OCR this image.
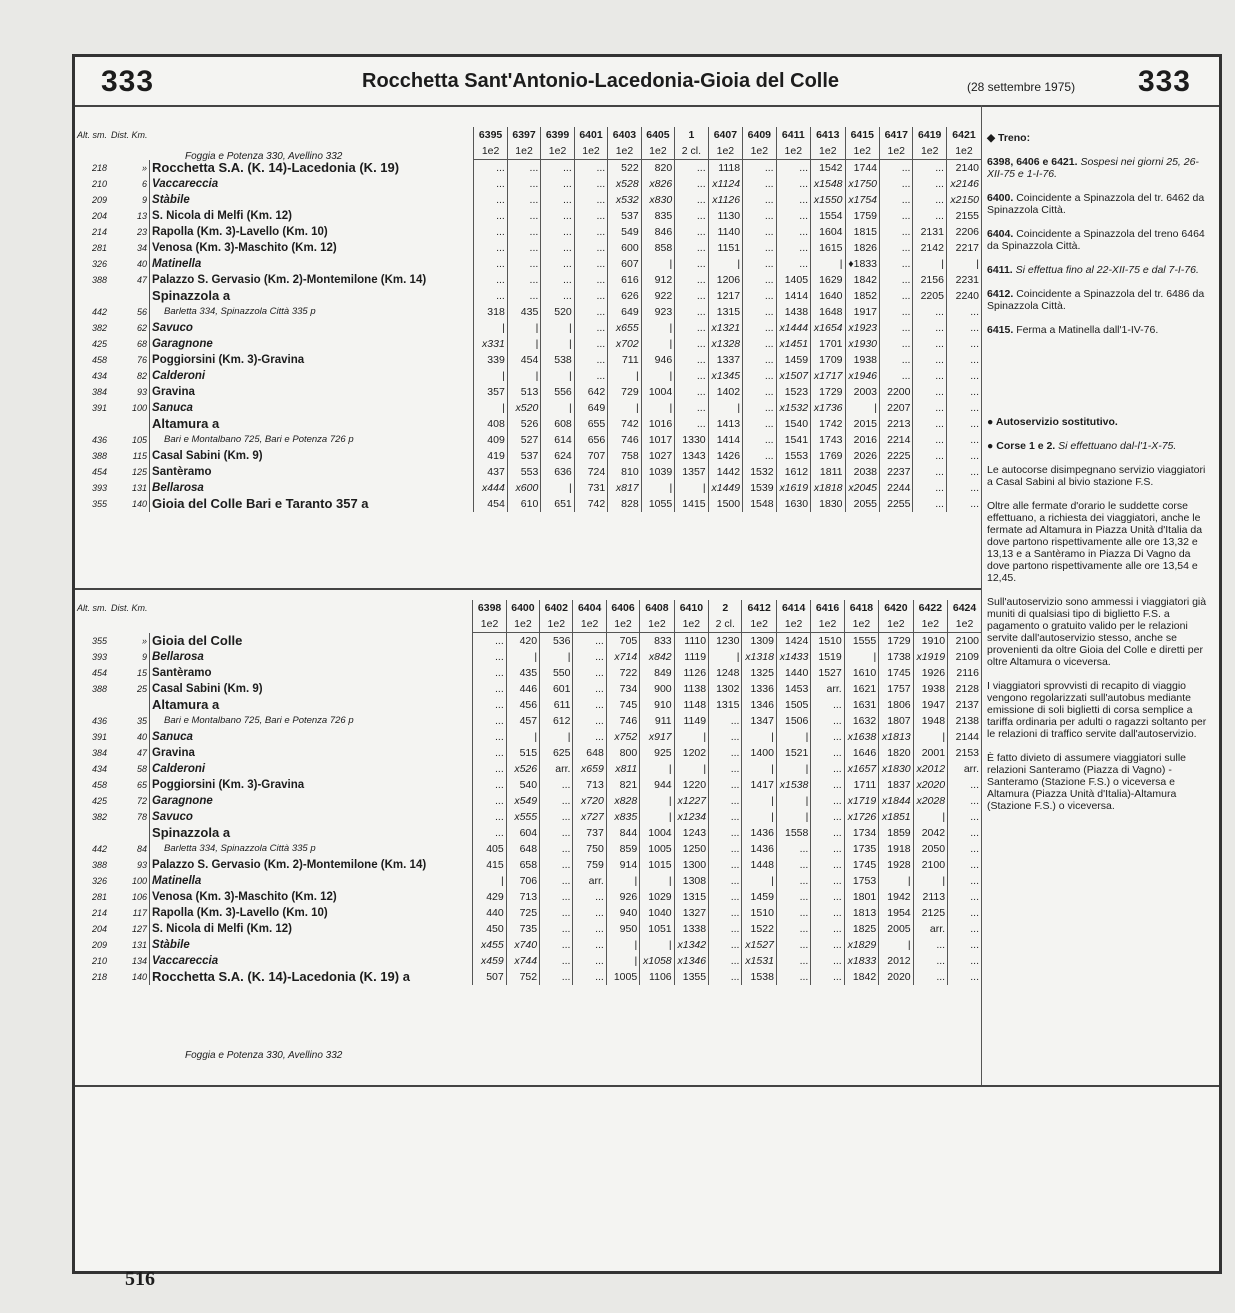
333	Rocchetta Sant'Antonio-Lacedonia-Gioia del Colle	(28 settembre 1975) 333
Foggia e Potenza 330, Avellino 332
Alt. sm.	Dist. Km.		6395	6397	6399	6401	6403	6405	1	6407	6409	6411	6413	6415	6417	6419	6421
			1e2	1e2	1e2	1e2	1e2	1e2	2 cl.	1e2	1e2	1e2	1e2	1e2	1e2	1e2	1e2
218	»	Rocchetta S.A. (K. 14)-Lacedonia (K. 19)	...	...	...	...	522	820	...	1118	...	...	1542	1744	...	...	2140
210	6	Vaccareccia	...	...	...	...	x528	x826	...	x1124	...	...	x1548	x1750	...	...	x2146
209	9	Stàbile	...	...	...	...	x532	x830	...	x1126	...	...	x1550	x1754	...	...	x2150
204	13	S. Nicola di Melfi (Km. 12)	...	...	...	...	537	835	...	1130	...	...	1554	1759	...	...	2155
214	23	Rapolla (Km. 3)-Lavello (Km. 10)	...	...	...	...	549	846	...	1140	...	...	1604	1815	...	2131	2206
281	34	Venosa (Km. 3)-Maschito (Km. 12)	...	...	...	...	600	858	...	1151	...	...	1615	1826	...	2142	2217
326	40	Matinella	...	...	...	...	607	|	...	|	...	...	|	♦1833	...	|	|
388	47	Palazzo S. Gervasio (Km. 2)-Montemilone (Km. 14)	...	...	...	...	616	912	...	1206	...	1405	1629	1842	...	2156	2231
		Spinazzola a	...	...	...	...	626	922	...	1217	...	1414	1640	1852	...	2205	2240
442	56	Barletta 334, Spinazzola Città 335 p	318	435	520	...	649	923	...	1315	...	1438	1648	1917	...	...	...
382	62	Savuco	|	|	|	...	x655	|	...	x1321	...	x1444	x1654	x1923	...	...	...
425	68	Garagnone	x331	|	|	...	x702	|	...	x1328	...	x1451	1701	x1930	...	...	...
458	76	Poggiorsini (Km. 3)-Gravina	339	454	538	...	711	946	...	1337	...	1459	1709	1938	...	...	...
434	82	Calderoni	|	|	|	...	|	|	...	x1345	...	x1507	x1717	x1946	...	...	...
384	93	Gravina	357	513	556	642	729	1004	...	1402	...	1523	1729	2003	2200	...	...
391	100	Sanuca	|	x520	|	649	|	|	...	|	...	x1532	x1736	|	2207	...	...
		Altamura a	408	526	608	655	742	1016	...	1413	...	1540	1742	2015	2213	...	...
436	105	Bari e Montalbano 725, Bari e Potenza 726 p	409	527	614	656	746	1017	1330	1414	...	1541	1743	2016	2214	...	...
388	115	Casal Sabini (Km. 9)	419	537	624	707	758	1027	1343	1426	...	1553	1769	2026	2225	...	...
454	125	Santèramo	437	553	636	724	810	1039	1357	1442	1532	1612	1811	2038	2237	...	...
393	131	Bellarosa	x444	x600	|	731	x817	|	|	x1449	1539	x1619	x1818	x2045	2244	...	...
355	140	Gioia del Colle Bari e Taranto 357 a	454	610	651	742	828	1055	1415	1500	1548	1630	1830	2055	2255	...	...
Foggia e Potenza 330, Avellino 332
Alt. sm.	Dist. Km.		6398	6400	6402	6404	6406	6408	6410	2	6412	6414	6416	6418	6420	6422	6424
			1e2	1e2	1e2	1e2	1e2	1e2	1e2	2 cl.	1e2	1e2	1e2	1e2	1e2	1e2	1e2
355	»	Gioia del Colle	...	420	536	...	705	833	1110	1230	1309	1424	1510	1555	1729	1910	2100
393	9	Bellarosa	...	|	|	...	x714	x842	1119	|	x1318	x1433	1519	|	1738	x1919	2109
454	15	Santèramo	...	435	550	...	722	849	1126	1248	1325	1440	1527	1610	1745	1926	2116
388	25	Casal Sabini (Km. 9)	...	446	601	...	734	900	1138	1302	1336	1453	arr.	1621	1757	1938	2128
		Altamura a	...	456	611	...	745	910	1148	1315	1346	1505	...	1631	1806	1947	2137
436	35	Bari e Montalbano 725, Bari e Potenza 726 p	...	457	612	...	746	911	1149	...	1347	1506	...	1632	1807	1948	2138
391	40	Sanuca	...	|	|	...	x752	x917	|	...	|	|	...	x1638	x1813	|	2144
384	47	Gravina	...	515	625	648	800	925	1202	...	1400	1521	...	1646	1820	2001	2153
434	58	Calderoni	...	x526	arr.	x659	x811	|	|	...	|	|	...	x1657	x1830	x2012	arr.
458	65	Poggiorsini (Km. 3)-Gravina	...	540	...	713	821	944	1220	...	1417	x1538	...	1711	1837	x2020	...
425	72	Garagnone	...	x549	...	x720	x828	|	x1227	...	|	|	...	x1719	x1844	x2028	...
382	78	Savuco	...	x555	...	x727	x835	|	x1234	...	|	|	...	x1726	x1851	|	...
		Spinazzola a	...	604	...	737	844	1004	1243	...	1436	1558	...	1734	1859	2042	...
442	84	Barletta 334, Spinazzola Città 335 p	405	648	...	750	859	1005	1250	...	1436	...	...	1735	1918	2050	...
388	93	Palazzo S. Gervasio (Km. 2)-Montemilone (Km. 14)	415	658	...	759	914	1015	1300	...	1448	...	...	1745	1928	2100	...
326	100	Matinella	|	706	...	arr.	|	|	1308	...	|	...	...	1753	|	|	...
281	106	Venosa (Km. 3)-Maschito (Km. 12)	429	713	...	...	926	1029	1315	...	1459	...	...	1801	1942	2113	...
214	117	Rapolla (Km. 3)-Lavello (Km. 10)	440	725	...	...	940	1040	1327	...	1510	...	...	1813	1954	2125	...
204	127	S. Nicola di Melfi (Km. 12)	450	735	...	...	950	1051	1338	...	1522	...	...	1825	2005	arr.	...
209	131	Stàbile	x455	x740	...	...	|	|	x1342	...	x1527	...	...	x1829	|	...	...
210	134	Vaccareccia	x459	x744	...	...	|	x1058	x1346	...	x1531	...	...	x1833	2012	...	...
218	140	Rocchetta S.A. (K. 14)-Lacedonia (K. 19) a	507	752	...	...	1005	1106	1355	...	1538	...	...	1842	2020	...	...

◆ Treno:

6398, 6406 e 6421. Sospesi nei giorni 25, 26-XII-75 e 1-I-76.

6400. Coincidente a Spinazzola del tr. 6462 da Spinazzola Città.

6404. Coincidente a Spinazzola del treno 6464 da Spinazzola Città.

6411. Si effettua fino al 22-XII-75 e dal 7-I-76.

6412. Coincidente a Spinazzola del tr. 6486 da Spinazzola Città.

6415. Ferma a Matinella dall'1-IV-76.

● Autoservizio sostitutivo.

● Corse 1 e 2. Si effettuano dal-l'1-X-75.

Le autocorse disimpegnano servizio viaggiatori a Casal Sabini al bivio stazione F.S.

Oltre alle fermate d'orario le suddette corse effettuano, a richiesta dei viaggiatori, anche le fermate ad Altamura in Piazza Unità d'Italia da dove partono rispettivamente alle ore 13,32 e 13,13 e a Santèramo in Piazza Di Vagno da dove partono rispettivamente alle ore 13,54 e 12,45.

Sull'autoservizio sono ammessi i viaggiatori già muniti di qualsiasi tipo di biglietto F.S. a pagamento o gratuito valido per le relazioni servite dall'autoservizio stesso, anche se provenienti da oltre Gioia del Colle e diretti per oltre Altamura o viceversa.

I viaggiatori sprovvisti di recapito di viaggio vengono regolarizzati sull'autobus mediante emissione di soli biglietti di corsa semplice a tariffa ordinaria per adulti o ragazzi soltanto per le relazioni di traffico servite dall'autoservizio.

È fatto divieto di assumere viaggiatori sulle relazioni Santeramo (Piazza di Vagno) - Santeramo (Stazione F.S.) o viceversa e Altamura (Piazza Unità d'Italia)-Altamura (Stazione F.S.) o viceversa.

516
